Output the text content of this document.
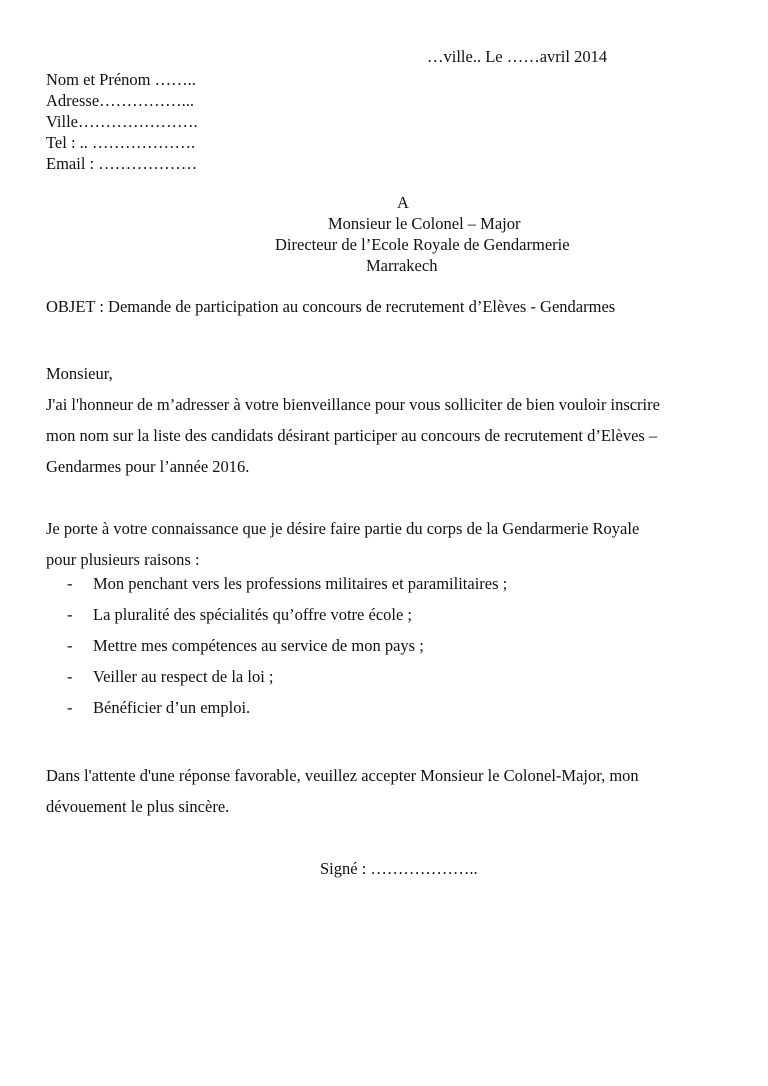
…ville.. Le ……avril 2014
Nom et Prénom ……..
Adresse……………...
Ville………………….
Tel : .. ……………….
Email : ………………
A
Monsieur le Colonel – Major
Directeur de l’Ecole Royale de Gendarmerie
Marrakech
OBJET : Demande de participation au concours de recrutement d’Elèves - Gendarmes
Monsieur,
J'ai l'honneur de m’adresser à votre bienveillance pour vous solliciter de bien vouloir inscrire
mon nom sur la liste des candidats désirant participer au concours de recrutement d’Elèves –
Gendarmes pour l’année 2016.
Je porte à votre connaissance que je désire faire partie du corps de la Gendarmerie Royale
pour plusieurs raisons :
- Mon penchant vers les professions militaires et paramilitaires ;
- La pluralité des spécialités qu’offre votre école ;
- Mettre mes compétences au service de mon pays ;
- Veiller au respect de la loi ;
- Bénéficier d’un emploi.
Dans l'attente d'une réponse favorable, veuillez accepter Monsieur le Colonel-Major, mon
dévouement le plus sincère.
Signé : ………………..
